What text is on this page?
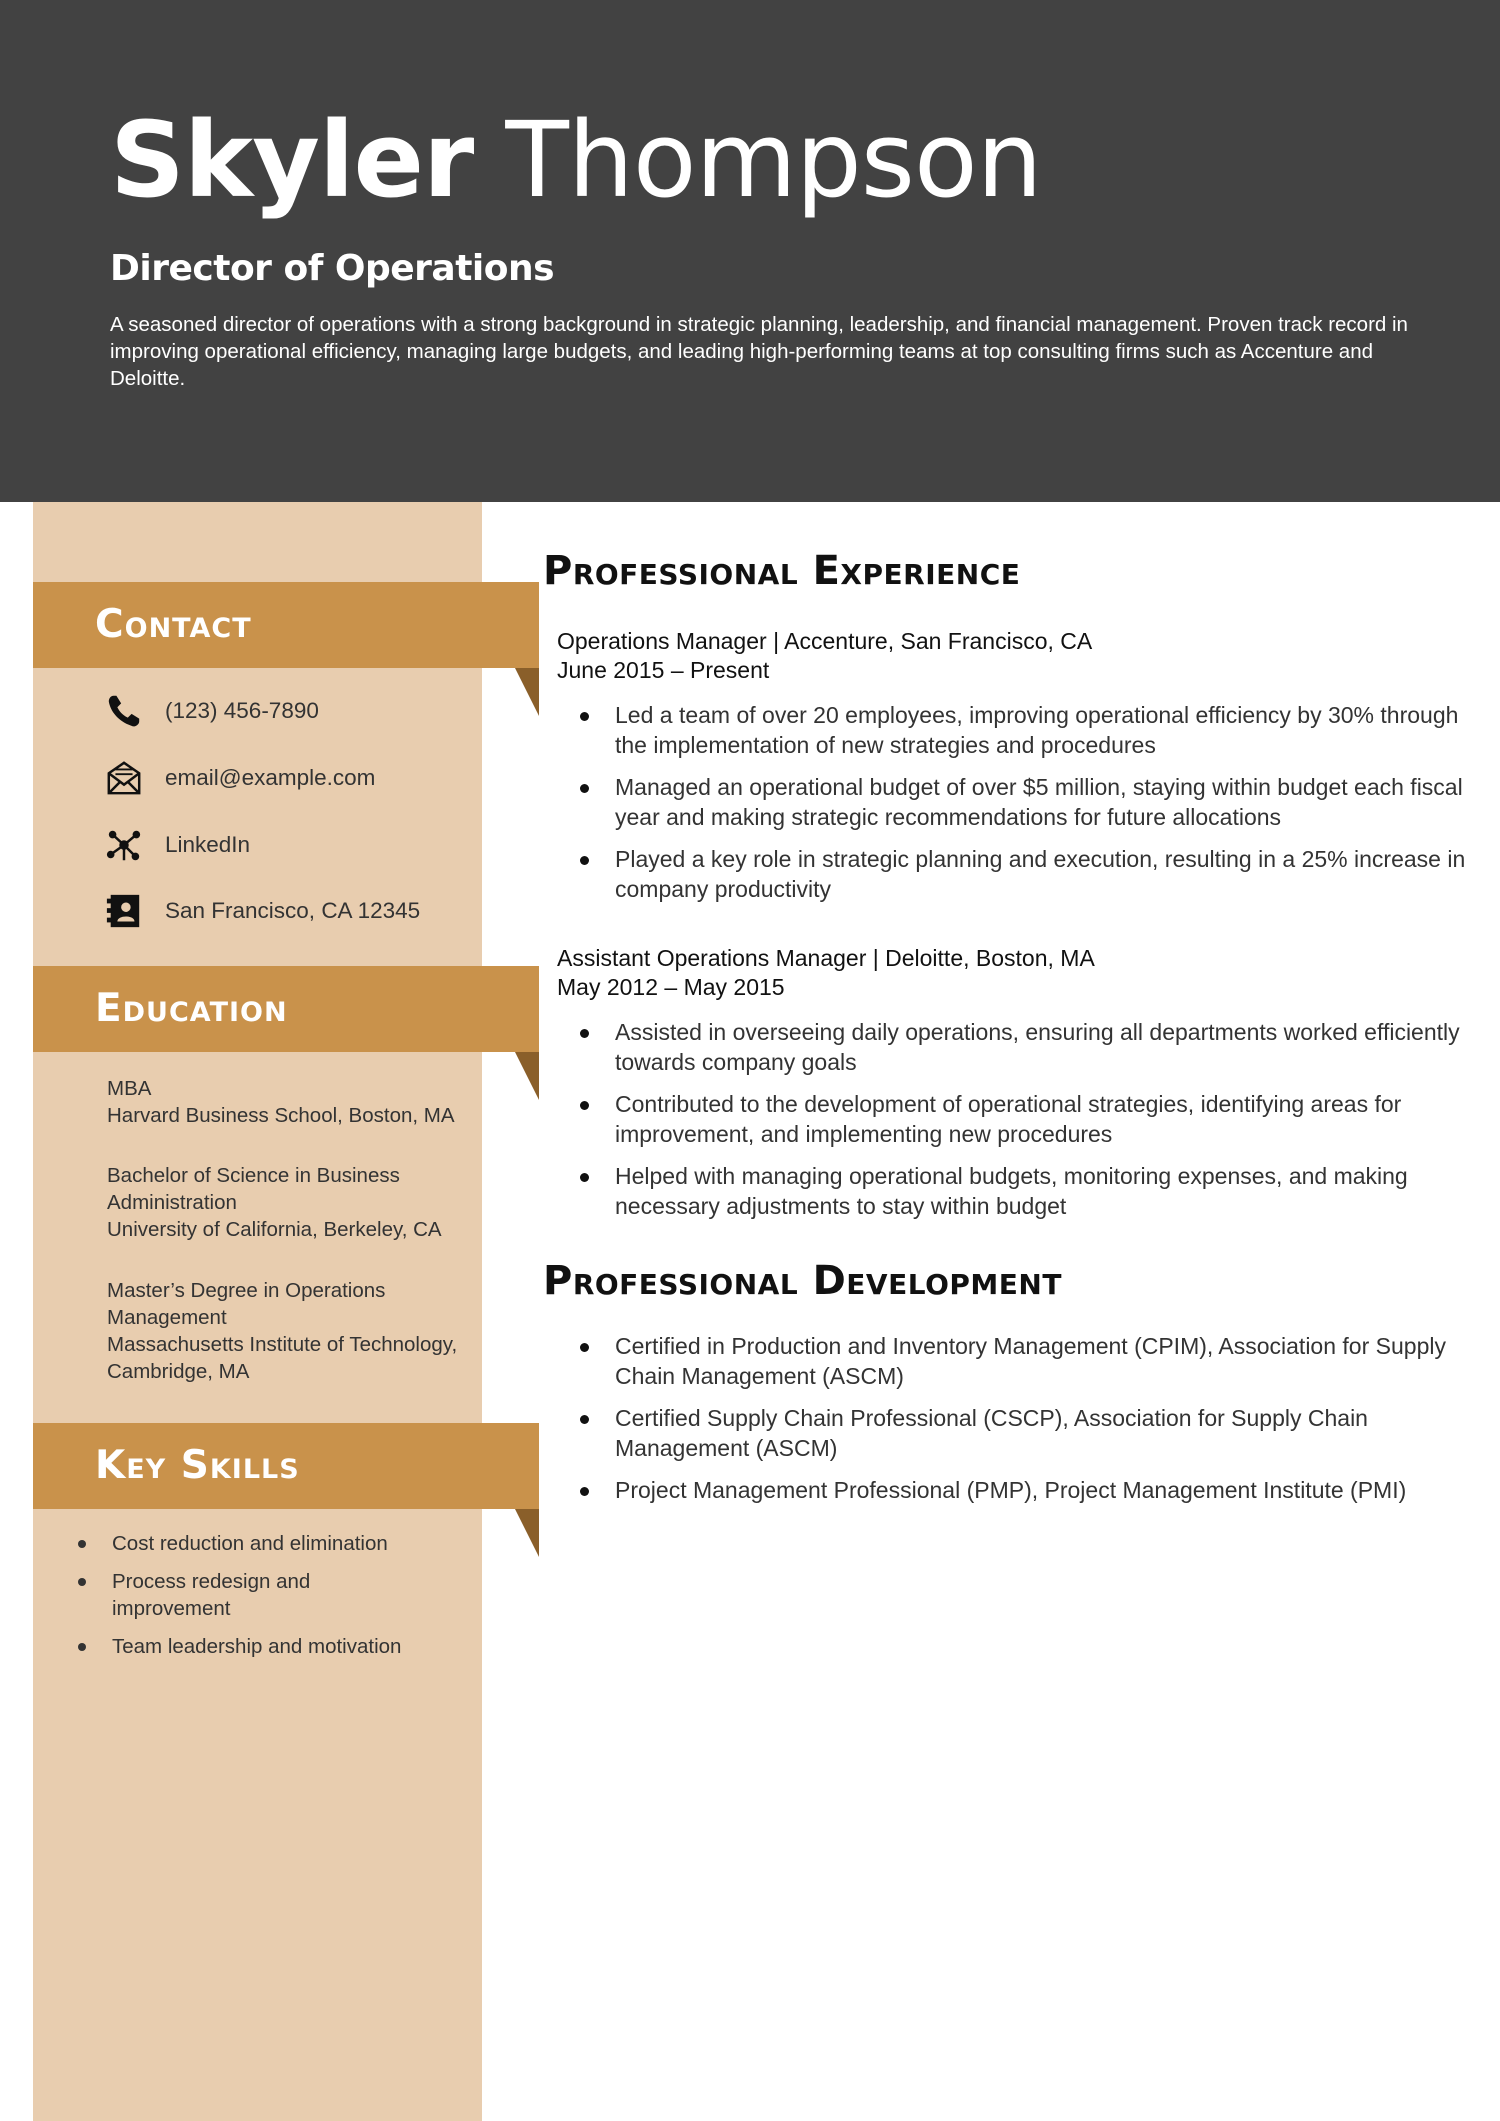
Skyler Thompson
Director of Operations
A seasoned director of operations with a strong background in strategic planning, leadership, and financial management. Proven track record in improving operational efficiency, managing large budgets, and leading high-performing teams at top consulting firms such as Accenture and Deloitte.
Contact
(123) 456-7890
email@example.com
LinkedIn
San Francisco, CA 12345
Education
MBA
Harvard Business School, Boston, MA
Bachelor of Science in Business Administration
University of California, Berkeley, CA
Master’s Degree in Operations Management
Massachusetts Institute of Technology, Cambridge, MA
Key Skills
Cost reduction and elimination
Process redesign and improvement
Team leadership and motivation
Professional Experience
Operations Manager | Accenture, San Francisco, CA
June 2015 – Present
Led a team of over 20 employees, improving operational efficiency by 30% through the implementation of new strategies and procedures
Managed an operational budget of over $5 million, staying within budget each fiscal year and making strategic recommendations for future allocations
Played a key role in strategic planning and execution, resulting in a 25% increase in company productivity
Assistant Operations Manager | Deloitte, Boston, MA
May 2012 – May 2015
Assisted in overseeing daily operations, ensuring all departments worked efficiently towards company goals
Contributed to the development of operational strategies, identifying areas for improvement, and implementing new procedures
Helped with managing operational budgets, monitoring expenses, and making necessary adjustments to stay within budget
Professional Development
Certified in Production and Inventory Management (CPIM), Association for Supply Chain Management (ASCM)
Certified Supply Chain Professional (CSCP), Association for Supply Chain Management (ASCM)
Project Management Professional (PMP), Project Management Institute (PMI)
